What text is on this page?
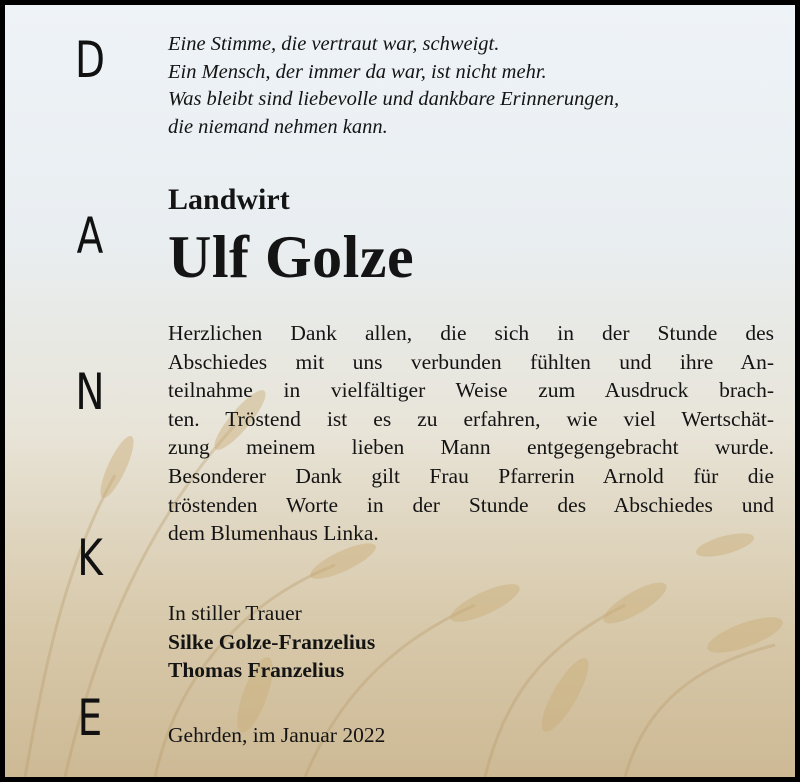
D
A
N
K
E
Eine Stimme, die vertraut war, schweigt.
Ein Mensch, der immer da war, ist nicht mehr.
Was bleibt sind liebevolle und dankbare Erinnerungen,
die niemand nehmen kann.
Landwirt
Ulf Golze
Herzlichen Dank allen, die sich in der Stunde des
Abschiedes mit uns verbunden fühlten und ihre An-
teilnahme in vielfältiger Weise zum Ausdruck brach-
ten. Tröstend ist es zu erfahren, wie viel Wertschät-
zung meinem lieben Mann entgegengebracht wurde.
Besonderer Dank gilt Frau Pfarrerin Arnold für die
tröstenden Worte in der Stunde des Abschiedes und
dem Blumenhaus Linka.
In stiller Trauer
Silke Golze-Franzelius
Thomas Franzelius
Gehrden, im Januar 2022
